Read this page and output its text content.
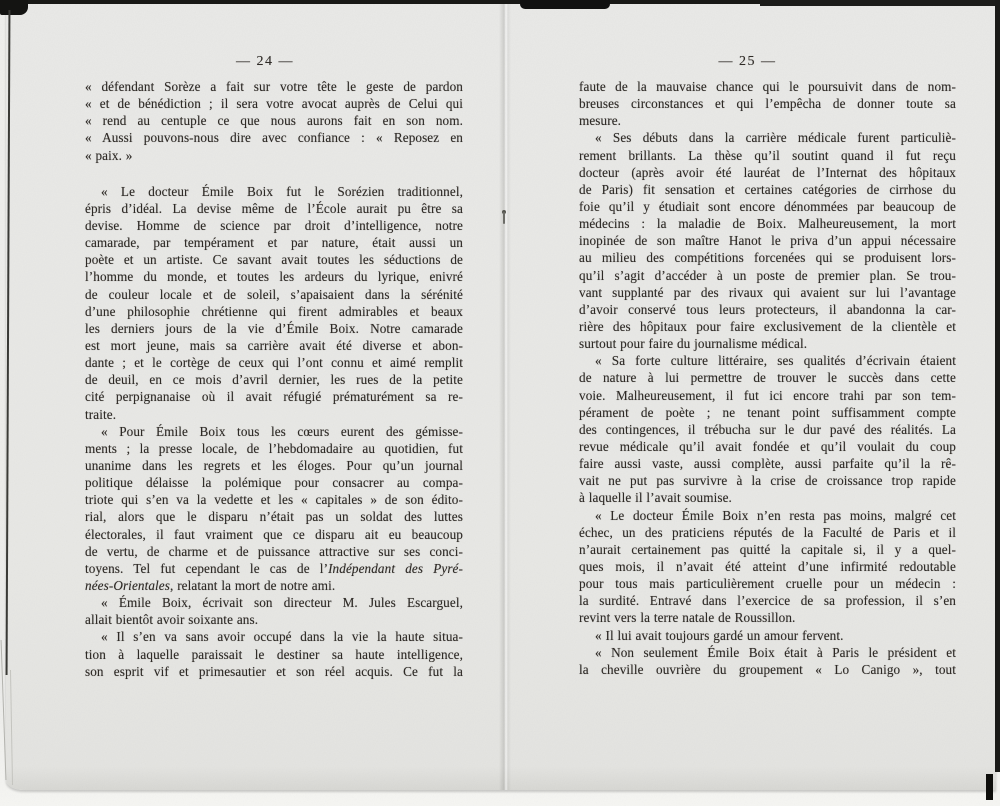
— 24 —
« défendant Sorèze a fait sur votre tête le geste de pardon
« et de bénédiction ; il sera votre avocat auprès de Celui qui
« rend au centuple ce que nous aurons fait en son nom.
« Aussi pouvons-nous dire avec confiance : « Reposez en
« paix. »
« Le docteur Émile Boix fut le Sorézien traditionnel,
épris d’idéal. La devise même de l’École aurait pu être sa
devise. Homme de science par droit d’intelligence, notre
camarade, par tempérament et par nature, était aussi un
poète et un artiste. Ce savant avait toutes les séductions de
l’homme du monde, et toutes les ardeurs du lyrique, enivré
de couleur locale et de soleil, s’apaisaient dans la sérénité
d’une philosophie chrétienne qui firent admirables et beaux
les derniers jours de la vie d’Émile Boix. Notre camarade
est mort jeune, mais sa carrière avait été diverse et abon-
dante ; et le cortège de ceux qui l’ont connu et aimé remplit
de deuil, en ce mois d’avril dernier, les rues de la petite
cité perpignanaise où il avait réfugié prématurément sa re-
traite.
« Pour Émile Boix tous les cœurs eurent des gémisse-
ments ; la presse locale, de l’hebdomadaire au quotidien, fut
unanime dans les regrets et les éloges. Pour qu’un journal
politique délaisse la polémique pour consacrer au compa-
triote qui s’en va la vedette et les « capitales » de son édito-
rial, alors que le disparu n’était pas un soldat des luttes
électorales, il faut vraiment que ce disparu ait eu beaucoup
de vertu, de charme et de puissance attractive sur ses conci-
toyens. Tel fut cependant le cas de l’Indépendant des Pyré-
nées-Orientales, relatant la mort de notre ami.
« Émile Boix, écrivait son directeur M. Jules Escarguel,
allait bientôt avoir soixante ans.
« Il s’en va sans avoir occupé dans la vie la haute situa-
tion à laquelle paraissait le destiner sa haute intelligence,
son esprit vif et primesautier et son réel acquis. Ce fut la
— 25 —
faute de la mauvaise chance qui le poursuivit dans de nom-
breuses circonstances et qui l’empêcha de donner toute sa
mesure.
« Ses débuts dans la carrière médicale furent particuliè-
rement brillants. La thèse qu’il soutint quand il fut reçu
docteur (après avoir été lauréat de l’Internat des hôpitaux
de Paris) fit sensation et certaines catégories de cirrhose du
foie qu’il y étudiait sont encore dénommées par beaucoup de
médecins : la maladie de Boix. Malheureusement, la mort
inopinée de son maître Hanot le priva d’un appui nécessaire
au milieu des compétitions forcenées qui se produisent lors-
qu’il s’agit d’accéder à un poste de premier plan. Se trou-
vant supplanté par des rivaux qui avaient sur lui l’avantage
d’avoir conservé tous leurs protecteurs, il abandonna la car-
rière des hôpitaux pour faire exclusivement de la clientèle et
surtout pour faire du journalisme médical.
« Sa forte culture littéraire, ses qualités d’écrivain étaient
de nature à lui permettre de trouver le succès dans cette
voie. Malheureusement, il fut ici encore trahi par son tem-
pérament de poète ; ne tenant point suffisamment compte
des contingences, il trébucha sur le dur pavé des réalités. La
revue médicale qu’il avait fondée et qu’il voulait du coup
faire aussi vaste, aussi complète, aussi parfaite qu’il la rê-
vait ne put pas survivre à la crise de croissance trop rapide
à laquelle il l’avait soumise.
« Le docteur Émile Boix n’en resta pas moins, malgré cet
échec, un des praticiens réputés de la Faculté de Paris et il
n’aurait certainement pas quitté la capitale si, il y a quel-
ques mois, il n’avait été atteint d’une infirmité redoutable
pour tous mais particulièrement cruelle pour un médecin :
la surdité. Entravé dans l’exercice de sa profession, il s’en
revint vers la terre natale de Roussillon.
« Il lui avait toujours gardé un amour fervent.
« Non seulement Émile Boix était à Paris le président et
la cheville ouvrière du groupement « Lo Canigo », tout
